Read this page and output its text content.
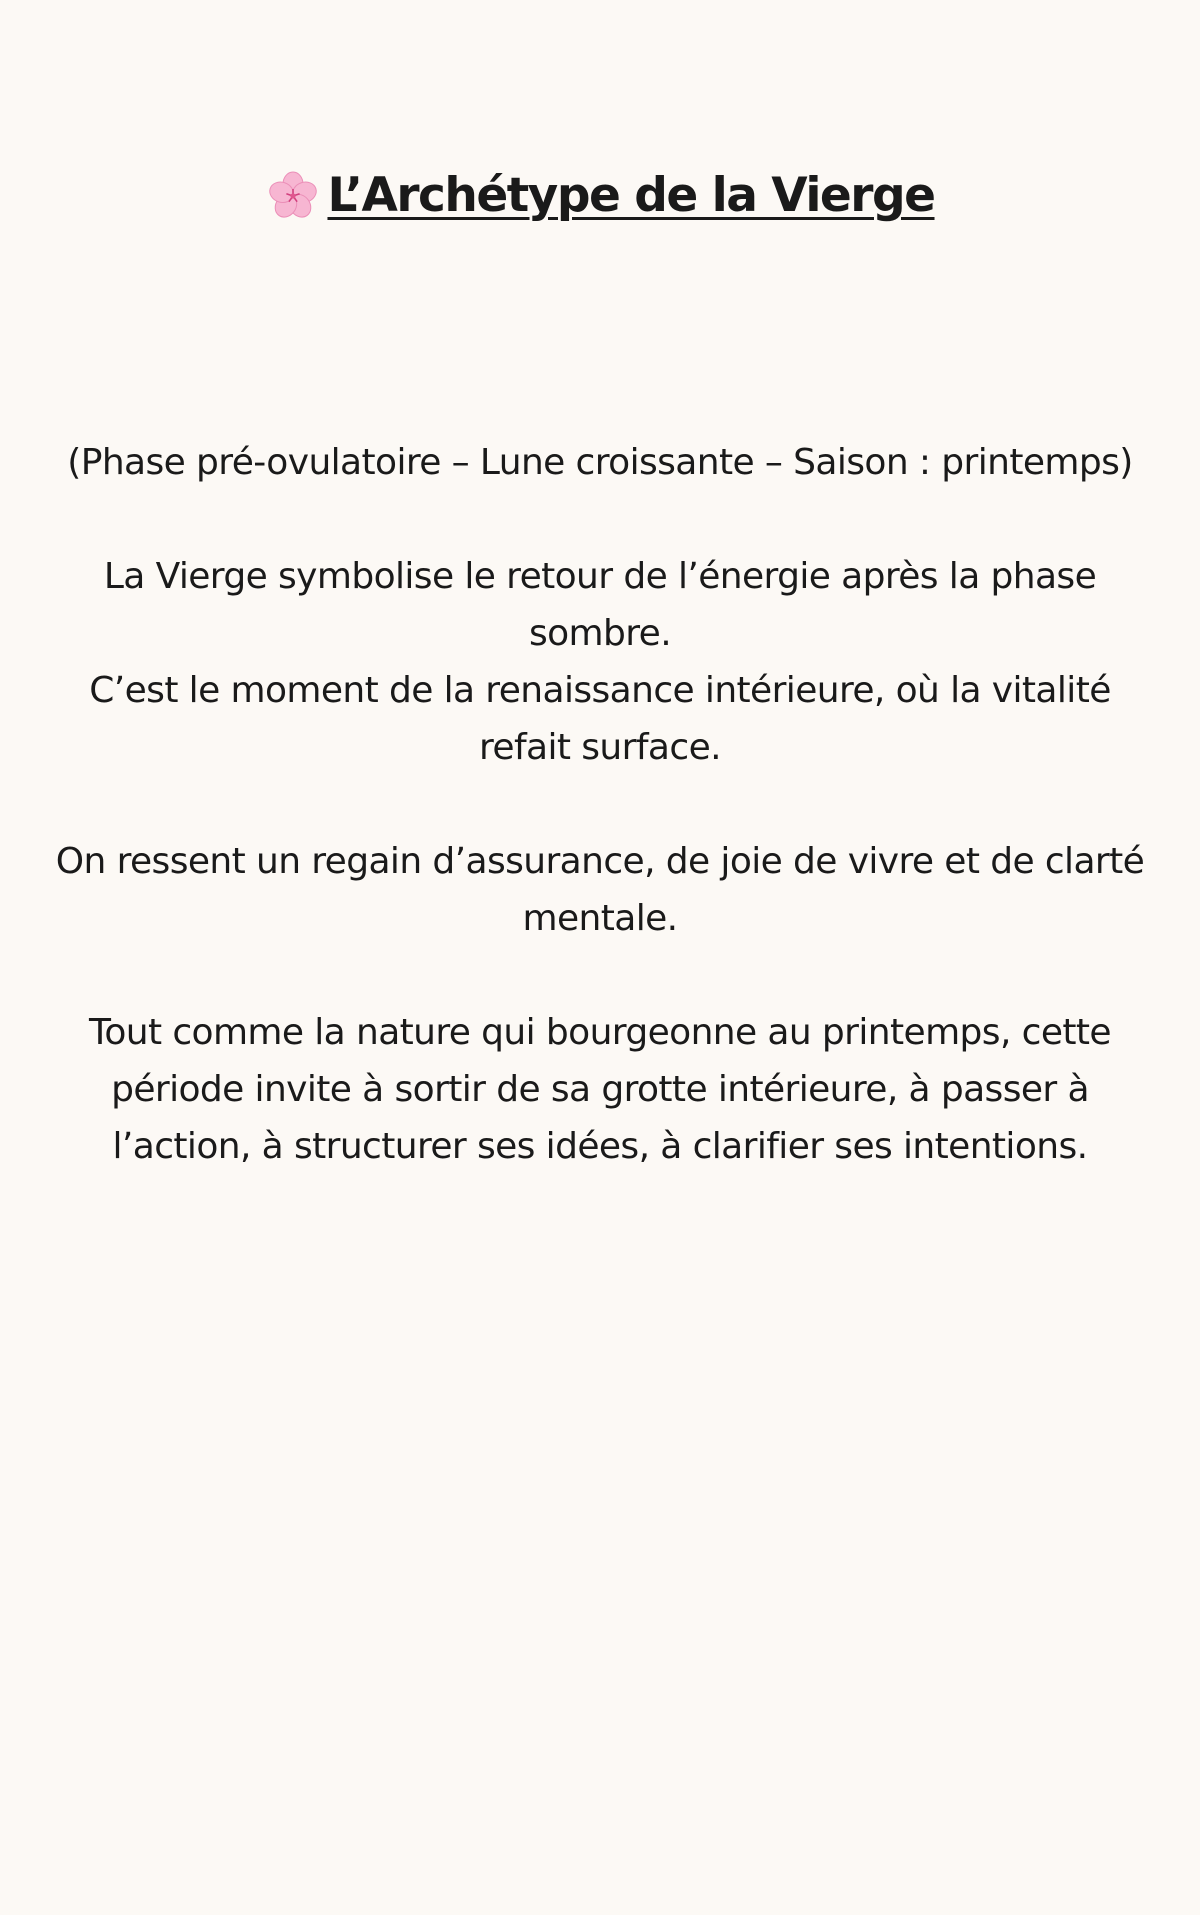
L’Archétype de la Vierge
(Phase pré-ovulatoire – Lune croissante – Saison : printemps)
La Vierge symbolise le retour de l’énergie après la phase
sombre.
C’est le moment de la renaissance intérieure, où la vitalité
refait surface.
On ressent un regain d’assurance, de joie de vivre et de clarté
mentale.
Tout comme la nature qui bourgeonne au printemps, cette
période invite à sortir de sa grotte intérieure, à passer à
l’action, à structurer ses idées, à clarifier ses intentions.
